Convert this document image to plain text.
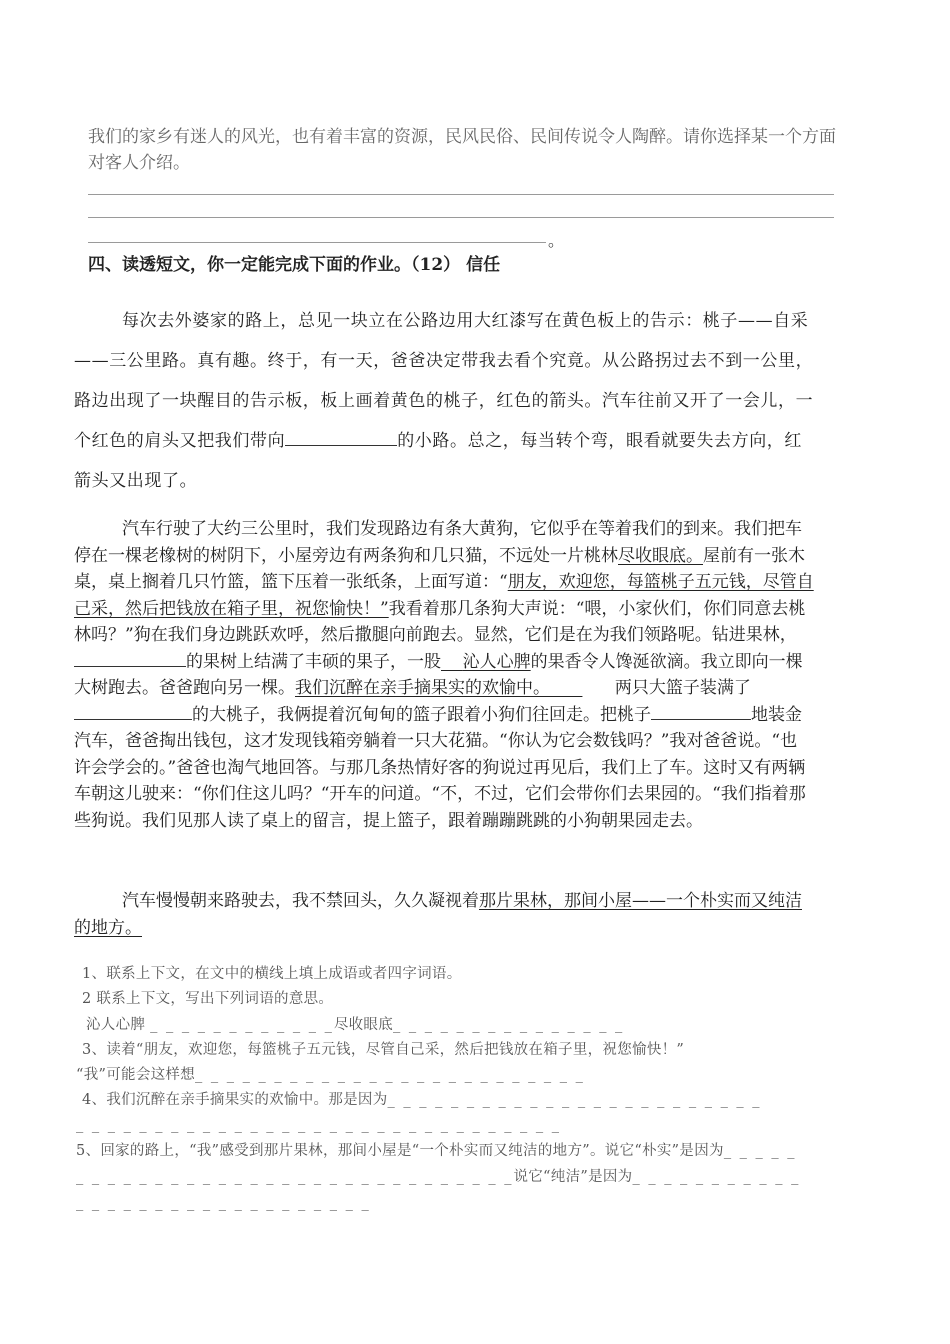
我们的家乡有迷人的风光，也有着丰富的资源，民风民俗、民间传说令人陶醉。请你选择某一个方面对客人介绍。
。
四、读透短文，你一定能完成下面的作业。（12） 信任
每次去外婆家的路上，总见一块立在公路边用大红漆写在黄色板上的告示：桃子——自采——三公里路。真有趣。终于，有一天，爸爸决定带我去看个究竟。从公路拐过去不到一公里，路边出现了一块醒目的告示板，板上画着黄色的桃子，红色的箭头。汽车往前又开了一会儿，一个红色的肩头又把我们带向	的小路。总之，每当转个弯，眼看就要失去方向，红箭头又出现了。
汽车行驶了大约三公里时，我们发现路边有条大黄狗，它似乎在等着我们的到来。我们把车停在一棵老橡树的树阴下，小屋旁边有两条狗和几只猫，不远处一片桃林尽收眼底。屋前有一张木桌，桌上搁着几只竹篮，篮下压着一张纸条，上面写道：“朋友，欢迎您，每篮桃子五元钱，尽管自己采，然后把钱放在箱子里，祝您愉快！”我看着那几条狗大声说：“喂，小家伙们，你们同意去桃林吗？”狗在我们身边跳跃欢呼，然后撒腿向前跑去。显然，它们是在为我们领路呢。钻进果林，的果树上结满了丰硕的果子，一股 沁人心脾的果香令人馋涎欲滴。我立即向一棵大树跑去。爸爸跑向另一棵。我们沉醉在亲手摘果实的欢愉中。	两只大篮子装满了的大桃子，我俩提着沉甸甸的篮子跟着小狗们往回走。把桃子	地装金汽车，爸爸掏出钱包，这才发现钱箱旁躺着一只大花猫。“你认为它会数钱吗？”我对爸爸说。“也许会学会的。”爸爸也淘气地回答。与那几条热情好客的狗说过再见后，我们上了车。这时又有两辆车朝这儿驶来：“你们住这儿吗？“开车的问道。“不，不过，它们会带你们去果园的。“我们指着那些狗说。我们见那人读了桌上的留言，提上篮子，跟着蹦蹦跳跳的小狗朝果园走去。
汽车慢慢朝来路驶去，我不禁回头，久久凝视着那片果林，那间小屋——一个朴实而又纯洁的地方。
1、联系上下文，在文中的横线上填上成语或者四字词语。
2 联系上下文，写出下列词语的意思。
沁人心脾 _ _ _ _ _ _ _ _ _ _ _ _尽收眼底_ _ _ _ _ _ _ _ _ _ _ _ _ _ _
3、读着“朋友，欢迎您，每篮桃子五元钱，尽管自己采，然后把钱放在箱子里，祝您愉快！”
“我”可能会这样想_ _ _ _ _ _ _ _ _ _ _ _ _ _ _ _ _ _ _ _ _ _ _ _ _
4、我们沉醉在亲手摘果实的欢愉中。那是因为_ _ _ _ _ _ _ _ _ _ _ _ _ _ _ _ _ _ _ _ _ _ _ _
_ _ _ _ _ _ _ _ _ _ _ _ _ _ _ _ _ _ _ _ _ _ _ _ _ _ _ _ _ _ _
5、回家的路上，“我”感受到那片果林，那间小屋是“一个朴实而又纯洁的地方”。说它“朴实”是因为_ _ _ _ _ _ _ _ _ _ _ _ _ _ _ _ _ _ _ _ _ _ _ _ _ _ _ _ _ _ _ _ _说它“纯洁”是因为_ _ _ _ _ _ _ _ _ _ _ _ _ _ _ _ _ _ _ _ _ _ _ _ _ _ _ _ _ _
